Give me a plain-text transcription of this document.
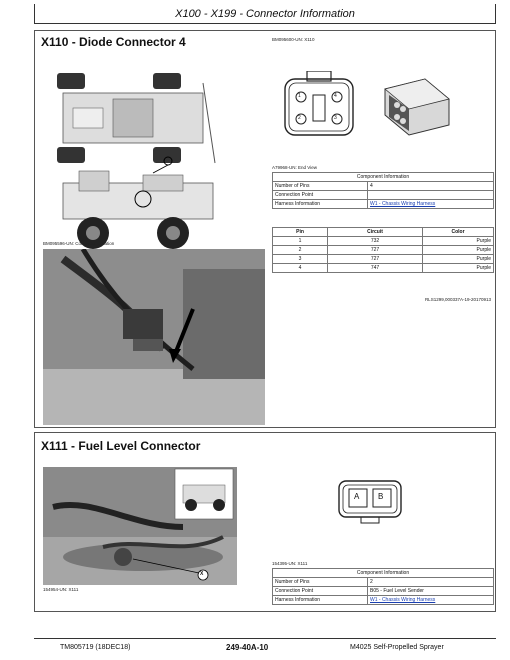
X100 - X199 - Connector Information
X110 - Diode Connector 4
BM095596-UN: Connector Location
BM095600-UN: X110
1
2
4
3
A79968-UN: End View
Component Information	
Number of Pins	4
Connection Point	
Harness Information	W1 - Chassis Wiring Harness
Pin	Circuit	Color
1	732	Purple
2	727	Purple
3	727	Purple
4	747	Purple
RLS1299,000337A-19-20170913
X111 - Fuel Level Connector
X
154954-UN: X111
A B
154395-UN: X111
Component Information	
Number of Pins	2
Connection Point	B05 - Fuel Level Sender
Harness Information	W1 - Chassis Wiring Harness
TM805719 (18DEC18)	249-40A-10	M4025 Self-Propelled Sprayer
